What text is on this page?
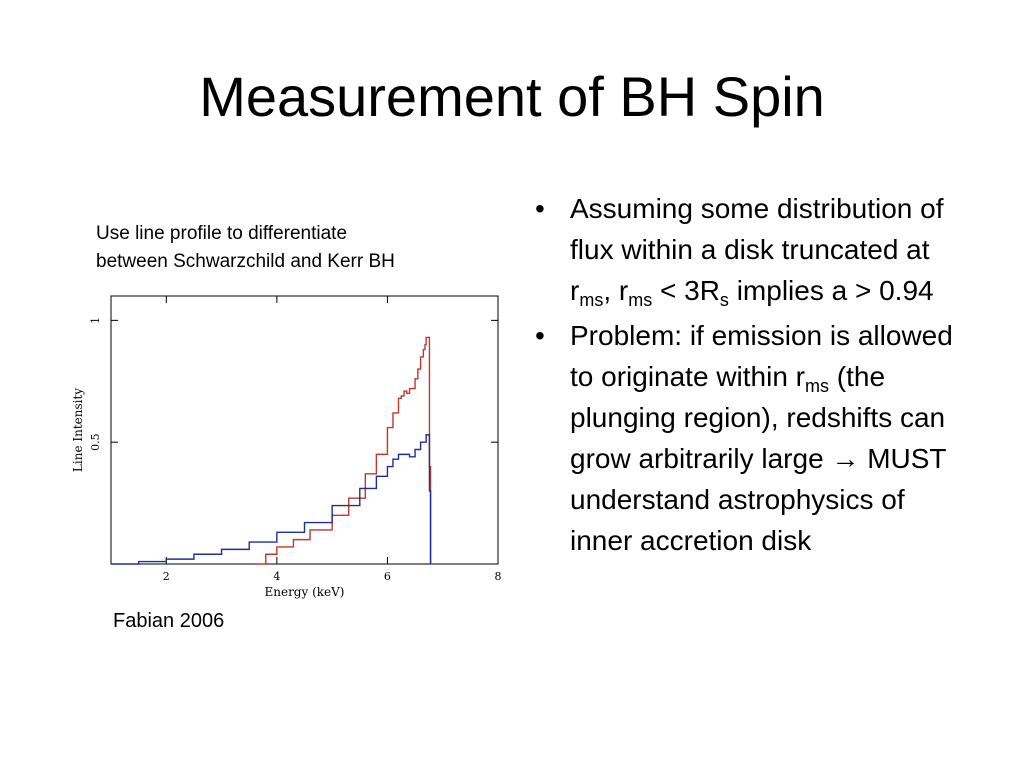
Measurement of BH Spin
Use line profile to differentiate
between Schwarzchild and Kerr BH
2	4	6	8
0.5
1
Energy (keV)
Line Intensity
Fabian 2006
• Assuming some distribution of flux within a disk truncated at $r_{ms}$, $r_{ms} < 3R_s$ implies a > 0.94
• Problem: if emission is allowed to originate within $r_{ms}$ (the plunging region), redshifts can grow arbitrarily large → MUST understand astrophysics of inner accretion disk
